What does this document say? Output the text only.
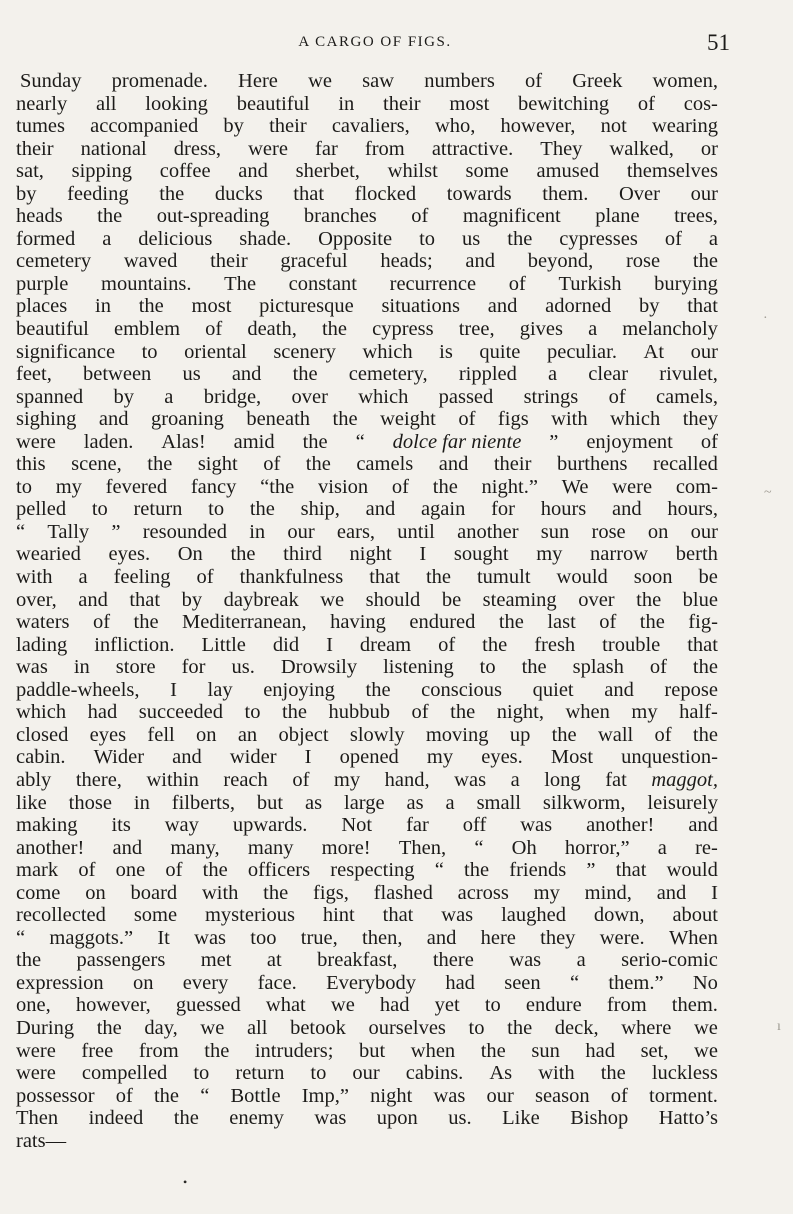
A CARGO OF FIGS.	51
Sunday promenade. Here we saw numbers of Greek women,
nearly all looking beautiful in their most bewitching of cos-
tumes accompanied by their cavaliers, who, however, not wearing
their national dress, were far from attractive. They walked, or
sat, sipping coffee and sherbet, whilst some amused themselves
by feeding the ducks that flocked towards them. Over our
heads the out-spreading branches of magnificent plane trees,
formed a delicious shade. Opposite to us the cypresses of a
cemetery waved their graceful heads; and beyond, rose the
purple mountains. The constant recurrence of Turkish burying
places in the most picturesque situations and adorned by that
beautiful emblem of death, the cypress tree, gives a melancholy
significance to oriental scenery which is quite peculiar. At our
feet, between us and the cemetery, rippled a clear rivulet,
spanned by a bridge, over which passed strings of camels,
sighing and groaning beneath the weight of figs with which they
were laden. Alas! amid the “ dolce far niente ” enjoyment of
this scene, the sight of the camels and their burthens recalled
to my fevered fancy “the vision of the night.” We were com-
pelled to return to the ship, and again for hours and hours,
“ Tally ” resounded in our ears, until another sun rose on our
wearied eyes. On the third night I sought my narrow berth
with a feeling of thankfulness that the tumult would soon be
over, and that by daybreak we should be steaming over the blue
waters of the Mediterranean, having endured the last of the fig-
lading infliction. Little did I dream of the fresh trouble that
was in store for us. Drowsily listening to the splash of the
paddle-wheels, I lay enjoying the conscious quiet and repose
which had succeeded to the hubbub of the night, when my half-
closed eyes fell on an object slowly moving up the wall of the
cabin. Wider and wider I opened my eyes. Most unquestion-
ably there, within reach of my hand, was a long fat maggot,
like those in filberts, but as large as a small silkworm, leisurely
making its way upwards. Not far off was another! and
another! and many, many more! Then, “ Oh horror,” a re-
mark of one of the officers respecting “ the friends ” that would
come on board with the figs, flashed across my mind, and I
recollected some mysterious hint that was laughed down, about
“ maggots.” It was too true, then, and here they were. When
the passengers met at breakfast, there was a serio-comic
expression on every face. Everybody had seen “ them.” No
one, however, guessed what we had yet to endure from them.
During the day, we all betook ourselves to the deck, where we
were free from the intruders; but when the sun had set, we
were compelled to return to our cabins. As with the luckless
possessor of the “ Bottle Imp,” night was our season of torment.
Then indeed the enemy was upon us. Like Bishop Hatto’s
rats—
·
~
ı
•
